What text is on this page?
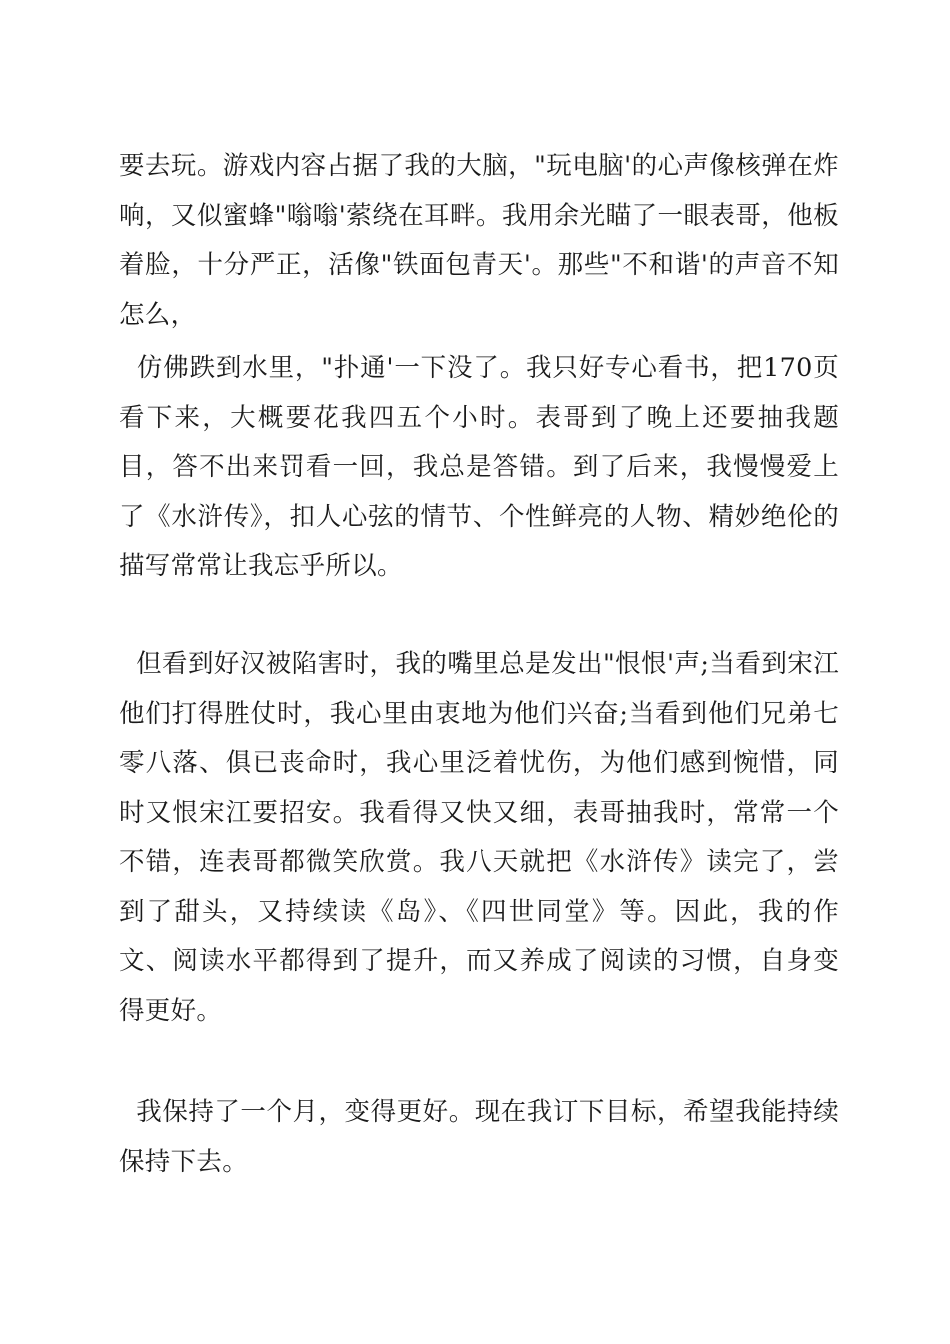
要去玩。游戏内容占据了我的大脑，"玩电脑'的心声像核弹在炸响，又似蜜蜂"嗡嗡'萦绕在耳畔。我用余光瞄了一眼表哥，他板着脸，十分严正，活像"铁面包青天'。那些"不和谐'的声音不知怎么，

仿佛跌到水里，"扑通'一下没了。我只好专心看书，把170页看下来，大概要花我四五个小时。表哥到了晚上还要抽我题目，答不出来罚看一回，我总是答错。到了后来，我慢慢爱上了《水浒传》，扣人心弦的情节、个性鲜亮的人物、精妙绝伦的描写常常让我忘乎所以。

但看到好汉被陷害时，我的嘴里总是发出"恨恨'声;当看到宋江他们打得胜仗时，我心里由衷地为他们兴奋;当看到他们兄弟七零八落、俱已丧命时，我心里泛着忧伤，为他们感到惋惜，同时又恨宋江要招安。我看得又快又细，表哥抽我时，常常一个不错，连表哥都微笑欣赏。我八天就把《水浒传》读完了，尝到了甜头，又持续读《岛》、《四世同堂》等。因此，我的作文、阅读水平都得到了提升，而又养成了阅读的习惯，自身变得更好。

我保持了一个月，变得更好。现在我订下目标，希望我能持续保持下去。
